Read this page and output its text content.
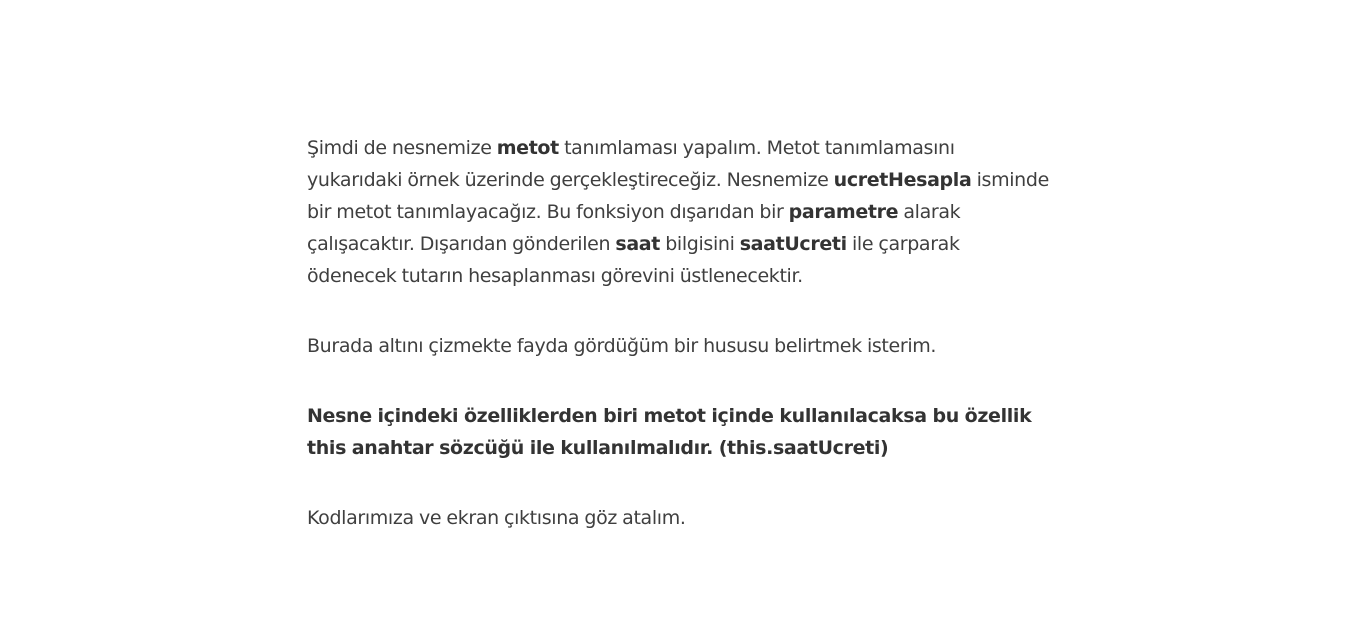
Şimdi de nesnemize metot tanımlaması yapalım. Metot tanımlamasını yukarıdaki örnek üzerinde gerçekleştireceğiz. Nesnemize ucretHesapla isminde bir metot tanımlayacağız. Bu fonksiyon dışarıdan bir parametre alarak çalışacaktır. Dışarıdan gönderilen saat bilgisini saatUcreti ile çarparak ödenecek tutarın hesaplanması görevini üstlenecektir.

Burada altını çizmekte fayda gördüğüm bir hususu belirtmek isterim.

Nesne içindeki özelliklerden biri metot içinde kullanılacaksa bu özellik this anahtar sözcüğü ile kullanılmalıdır. (this.saatUcreti)

Kodlarımıza ve ekran çıktısına göz atalım.
